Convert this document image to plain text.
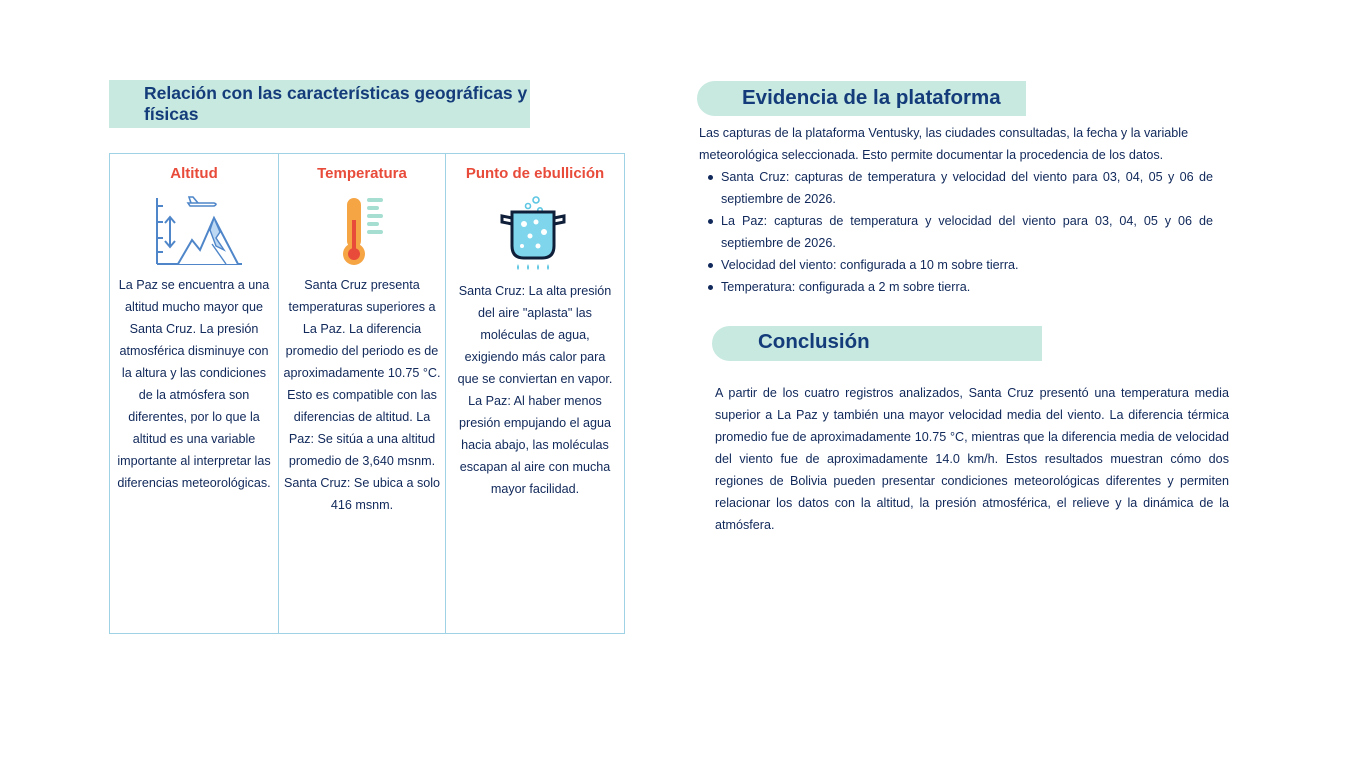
Relación con las características geográficas y físicas
Altitud
La Paz se encuentra a una altitud mucho mayor que Santa Cruz. La presión atmosférica disminuye con la altura y las condiciones de la atmósfera son diferentes, por lo que la altitud es una variable importante al interpretar las diferencias meteorológicas.
Temperatura
Santa Cruz presenta temperaturas superiores a La Paz. La diferencia promedio del periodo es de aproximadamente 10.75 °C. Esto es compatible con las diferencias de altitud. La Paz: Se sitúa a una altitud promedio de 3,640 msnm. Santa Cruz: Se ubica a solo 416 msnm.
Punto de ebullición
Santa Cruz: La alta presión del aire "aplasta" las moléculas de agua, exigiendo más calor para que se conviertan en vapor. La Paz: Al haber menos presión empujando el agua hacia abajo, las moléculas escapan al aire con mucha mayor facilidad.
Evidencia de la plataforma

Las capturas de la plataforma Ventusky, las ciudades consultadas, la fecha y la variable meteorológica seleccionada. Esto permite documentar la procedencia de los datos.

Santa Cruz: capturas de temperatura y velocidad del viento para 03, 04, 05 y 06 de septiembre de 2026.
La Paz: capturas de temperatura y velocidad del viento para 03, 04, 05 y 06 de septiembre de 2026.
Velocidad del viento: configurada a 10 m sobre tierra.
Temperatura: configurada a 2 m sobre tierra.
Conclusión

A partir de los cuatro registros analizados, Santa Cruz presentó una temperatura media superior a La Paz y también una mayor velocidad media del viento. La diferencia térmica promedio fue de aproximadamente 10.75 °C, mientras que la diferencia media de velocidad del viento fue de aproximadamente 14.0 km/h. Estos resultados muestran cómo dos regiones de Bolivia pueden presentar condiciones meteorológicas diferentes y permiten relacionar los datos con la altitud, la presión atmosférica, el relieve y la dinámica de la atmósfera.
